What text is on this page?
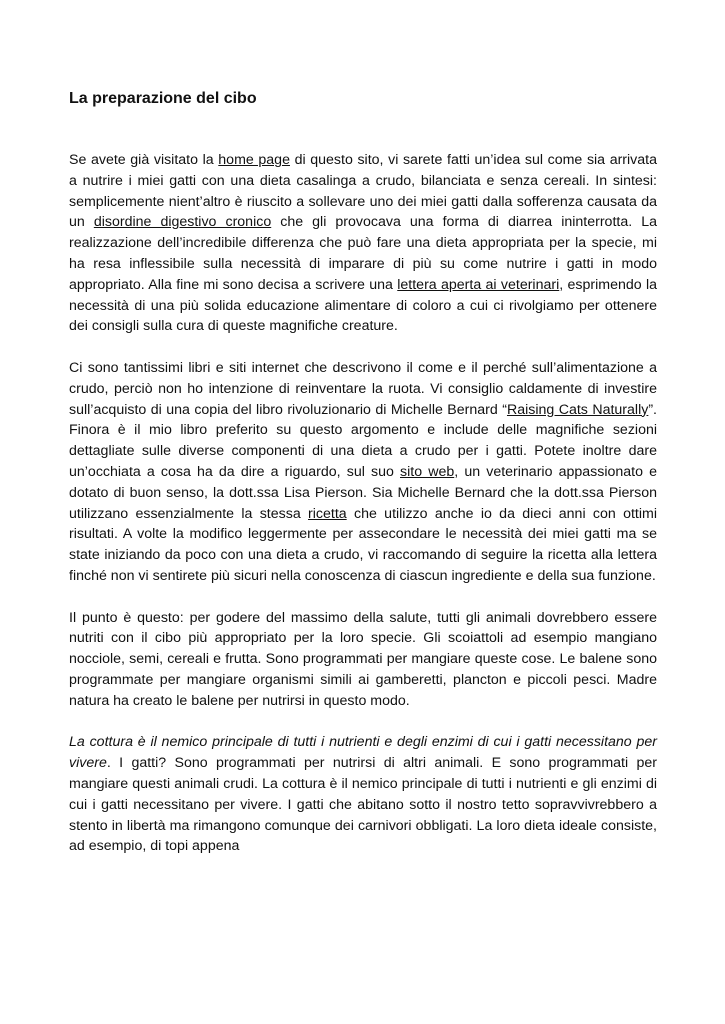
La preparazione del cibo

Se avete già visitato la home page di questo sito, vi sarete fatti un’idea sul come sia arrivata a nutrire i miei gatti con una dieta casalinga a crudo, bilanciata e senza cereali. In sintesi: semplicemente nient’altro è riuscito a sollevare uno dei miei gatti dalla sofferenza causata da un disordine digestivo cronico che gli provocava una forma di diarrea ininterrotta. La realizzazione dell’incredibile differenza che può fare una dieta appropriata per la specie, mi ha resa inflessibile sulla necessità di imparare di più su come nutrire i gatti in modo appropriato. Alla fine mi sono decisa a scrivere una lettera aperta ai veterinari, esprimendo la necessità di una più solida educazione alimentare di coloro a cui ci rivolgiamo per ottenere dei consigli sulla cura di queste magnifiche creature.

Ci sono tantissimi libri e siti internet che descrivono il come e il perché sull’alimentazione a crudo, perciò non ho intenzione di reinventare la ruota. Vi consiglio caldamente di investire sull’acquisto di una copia del libro rivoluzionario di Michelle Bernard “Raising Cats Naturally”. Finora è il mio libro preferito su questo argomento e include delle magnifiche sezioni dettagliate sulle diverse componenti di una dieta a crudo per i gatti. Potete inoltre dare un’occhiata a cosa ha da dire a riguardo, sul suo sito web, un veterinario appassionato e dotato di buon senso, la dott.ssa Lisa Pierson. Sia Michelle Bernard che la dott.ssa Pierson utilizzano essenzialmente la stessa ricetta che utilizzo anche io da dieci anni con ottimi risultati. A volte la modifico leggermente per assecondare le necessità dei miei gatti ma se state iniziando da poco con una dieta a crudo, vi raccomando di seguire la ricetta alla lettera finché non vi sentirete più sicuri nella conoscenza di ciascun ingrediente e della sua funzione.

Il punto è questo: per godere del massimo della salute, tutti gli animali dovrebbero essere nutriti con il cibo più appropriato per la loro specie. Gli scoiattoli ad esempio mangiano nocciole, semi, cereali e frutta. Sono programmati per mangiare queste cose. Le balene sono programmate per mangiare organismi simili ai gamberetti, plancton e piccoli pesci. Madre natura ha creato le balene per nutrirsi in questo modo.

La cottura è il nemico principale di tutti i nutrienti e degli enzimi di cui i gatti necessitano per vivere. I gatti? Sono programmati per nutrirsi di altri animali. E sono programmati per mangiare questi animali crudi. La cottura è il nemico principale di tutti i nutrienti e gli enzimi di cui i gatti necessitano per vivere. I gatti che abitano sotto il nostro tetto sopravvivrebbero a stento in libertà ma rimangono comunque dei carnivori obbligati. La loro dieta ideale consiste, ad esempio, di topi appena
